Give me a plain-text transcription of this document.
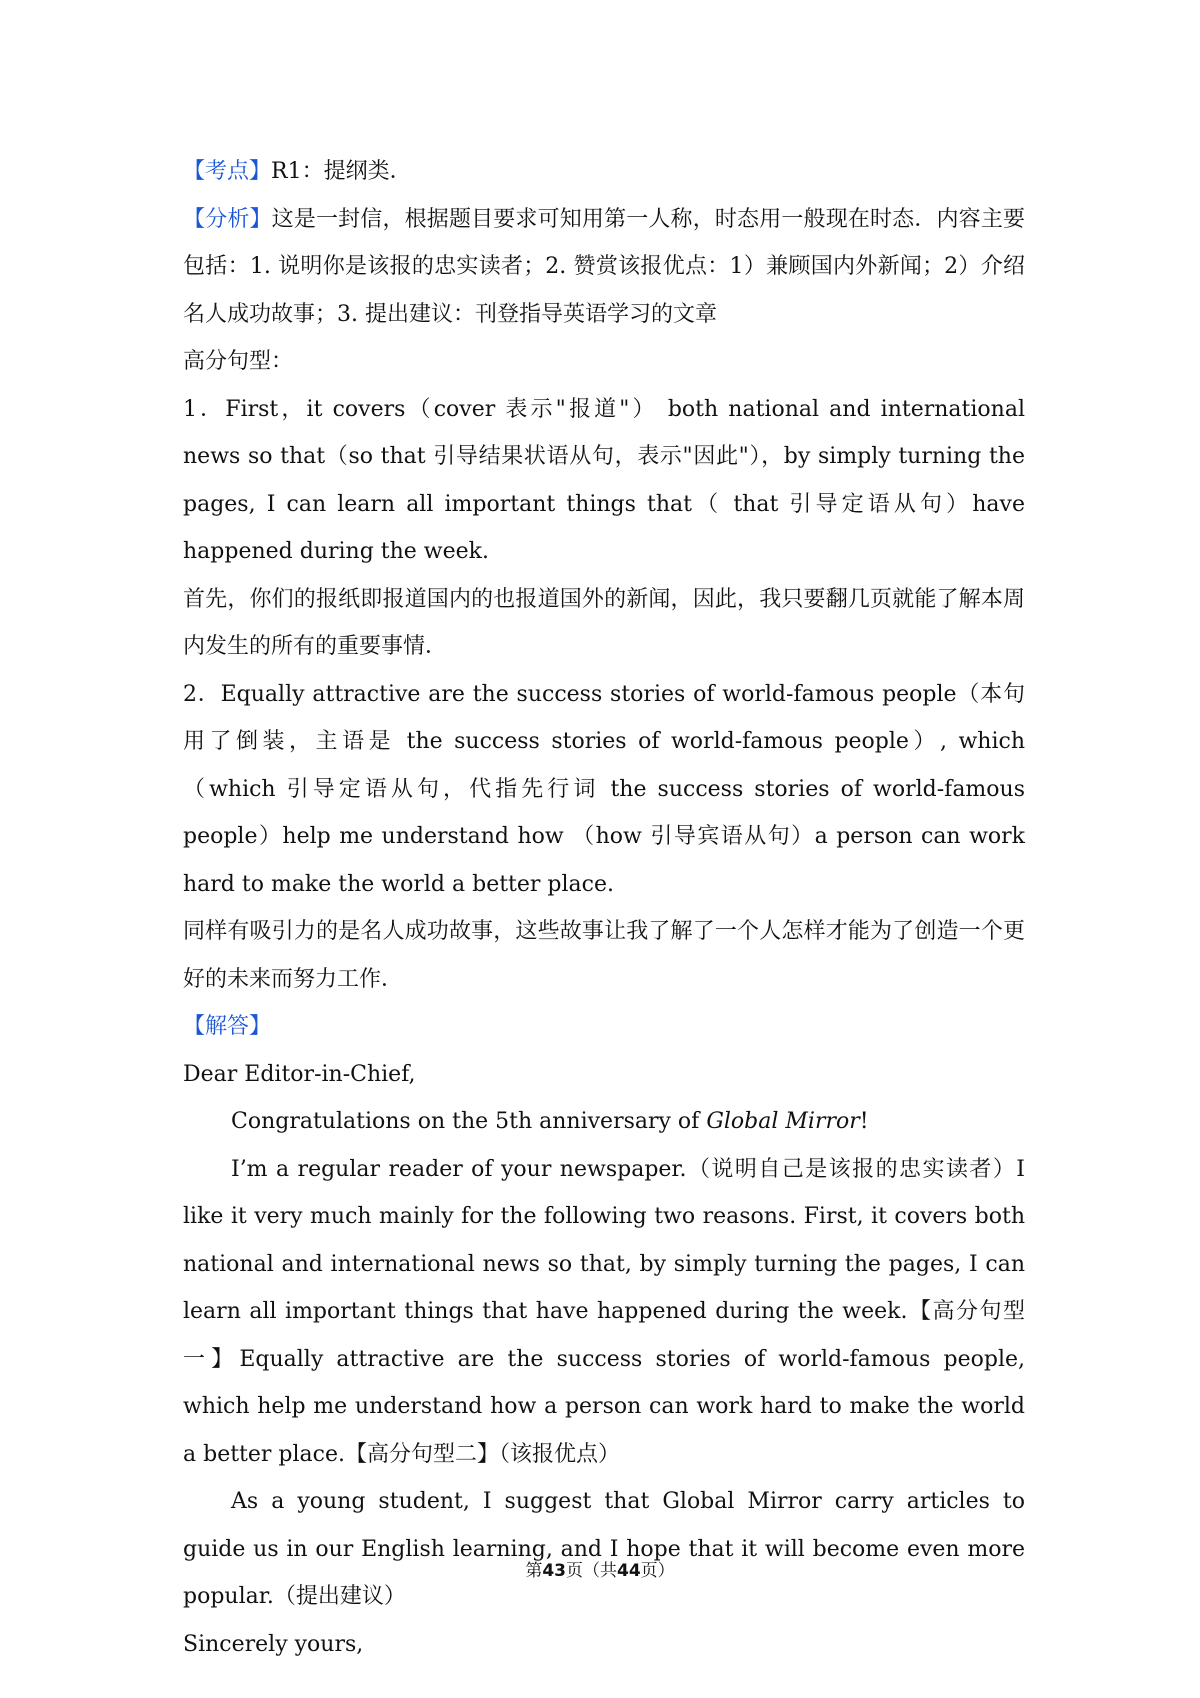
【考点】R1：提纲类．

【分析】这是一封信，根据题目要求可知用第一人称，时态用一般现在时态．内容主要包括：1. 说明你是该报的忠实读者；2. 赞赏该报优点：1）兼顾国内外新闻；2）介绍名人成功故事；3. 提出建议：刊登指导英语学习的文章

高分句型：

1．First，it covers（cover 表示"报道"） both national and international news so that（so that 引导结果状语从句，表示"因此"），by simply turning the pages, I can learn all important things that（ that 引导定语从句）have happened during the week.

首先，你们的报纸即报道国内的也报道国外的新闻，因此，我只要翻几页就能了解本周内发生的所有的重要事情．

2．Equally attractive are the success stories of world-famous people（本句用了倒装，主语是 the success stories of world-famous people）, which （which 引导定语从句，代指先行词 the success stories of world-famous people）help me understand how （how 引导宾语从句）a person can work hard to make the world a better place.

同样有吸引力的是名人成功故事，这些故事让我了解了一个人怎样才能为了创造一个更好的未来而努力工作．

【解答】

Dear Editor-in-Chief,

Congratulations on the 5th anniversary of Global Mirror!

I’m a regular reader of your newspaper.（说明自己是该报的忠实读者）I like it very much mainly for the following two reasons. First, it covers both national and international news so that, by simply turning the pages, I can learn all important things that have happened during the week.【高分句型一】Equally attractive are the success stories of world-famous people, which help me understand how a person can work hard to make the world a better place.【高分句型二】（该报优点）

As a young student, I suggest that Global Mirror carry articles to guide us in our English learning, and I hope that it will become even more popular.（提出建议）

Sincerely yours,

第43页（共44页）
